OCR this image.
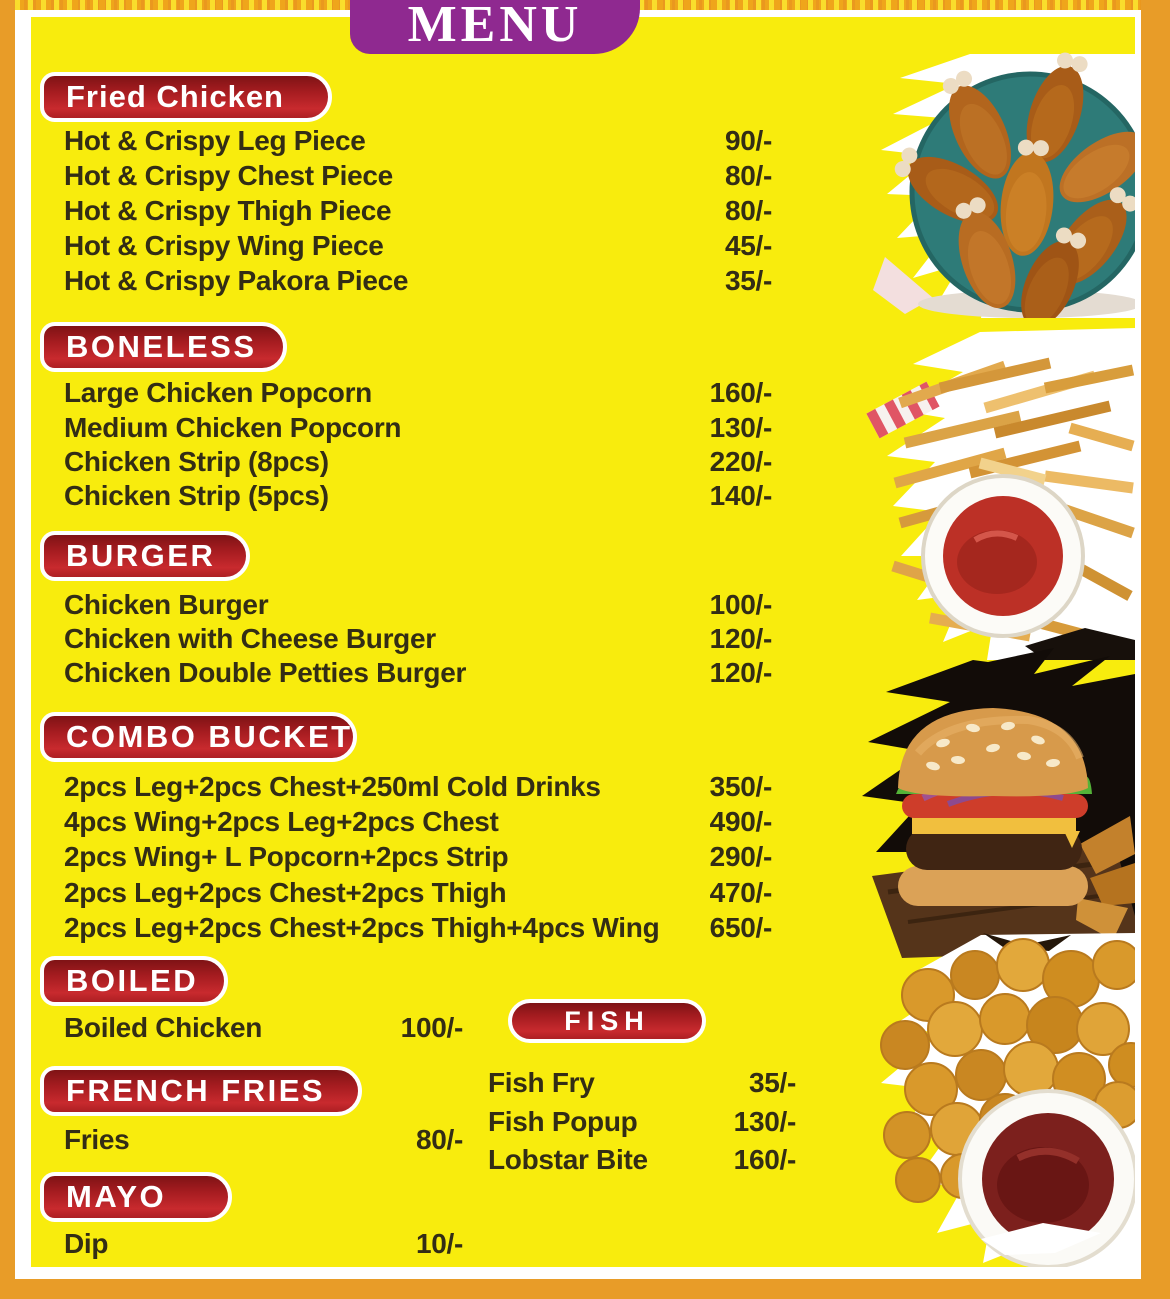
MENU
Fried Chicken
Hot & Crispy Leg Piece	90/-
Hot & Crispy Chest Piece	80/-
Hot & Crispy Thigh Piece	80/-
Hot & Crispy Wing Piece	45/-
Hot & Crispy Pakora Piece	35/-
BONELESS
Large Chicken Popcorn	160/-
Medium Chicken Popcorn	130/-
Chicken Strip (8pcs)	220/-
Chicken Strip (5pcs)	140/-
BURGER
Chicken Burger	100/-
Chicken with Cheese Burger	120/-
Chicken Double Petties Burger	120/-
COMBO BUCKET
2pcs Leg+2pcs Chest+250ml Cold Drinks	350/-
4pcs Wing+2pcs Leg+2pcs Chest	490/-
2pcs Wing+ L Popcorn+2pcs Strip	290/-
2pcs Leg+2pcs Chest+2pcs Thigh	470/-
2pcs Leg+2pcs Chest+2pcs Thigh+4pcs Wing 650/-
BOILED
Boiled Chicken	100/-
FRENCH FRIES
Fries	80/-
MAYO
Dip	10/-
FISH
Fish Fry	35/-
Fish Popup	130/-
Lobstar Bite	160/-
